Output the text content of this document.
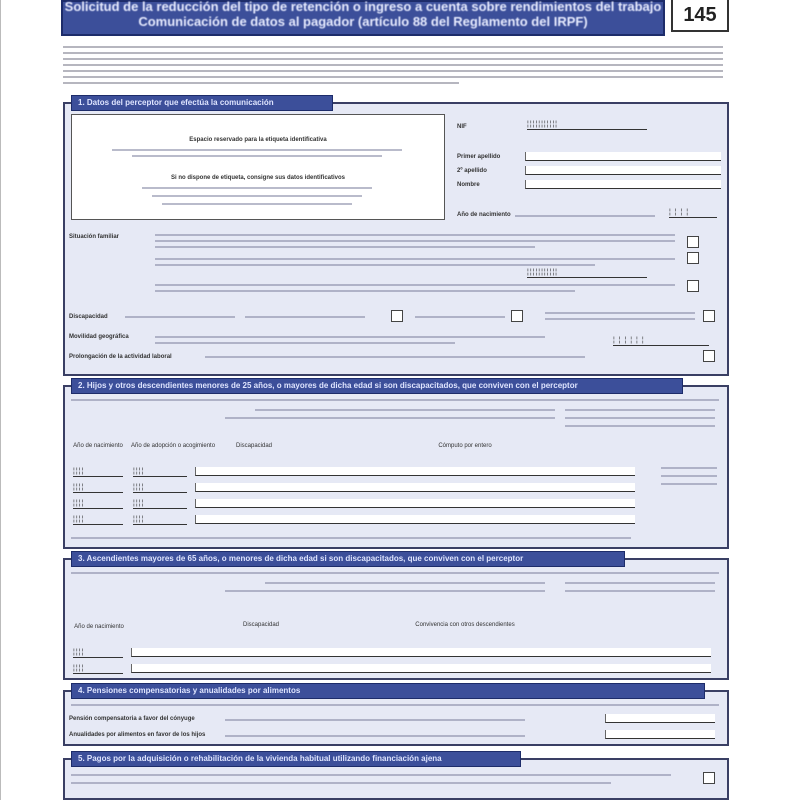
Solicitud de la reducción del tipo de retención o ingreso a cuenta sobre rendimientos del trabajo
Comunicación de datos al pagador (artículo 88 del Reglamento del IRPF)	145
1. Datos del perceptor que efectúa la comunicación
Espacio reservado para la etiqueta identificativa
Si no dispone de etiqueta, consigne sus datos identificativos
NIF	¦¦¦¦¦¦¦¦¦¦¦
Primer apellido
2º apellido
Nombre
Año de nacimiento	¦ ¦ ¦ ¦
Situación familiar
¦¦¦¦¦¦¦¦¦¦¦
Discapacidad
Movilidad geográfica	¦ ¦ ¦ ¦ ¦ ¦
Prolongación de la actividad laboral
2. Hijos y otros descendientes menores de 25 años, o mayores de dicha edad si son discapacitados, que conviven con el perceptor
Año de nacimiento	Año de adopción o acogimiento	Discapacidad	Cómputo por entero
¦¦¦¦	¦¦¦¦
¦¦¦¦	¦¦¦¦
¦¦¦¦	¦¦¦¦
¦¦¦¦	¦¦¦¦
3. Ascendientes mayores de 65 años, o menores de dicha edad si son discapacitados, que conviven con el perceptor
Año de nacimiento	Discapacidad	Convivencia con otros descendientes
¦¦¦¦
¦¦¦¦
4. Pensiones compensatorias y anualidades por alimentos
Pensión compensatoria a favor del cónyuge
Anualidades por alimentos en favor de los hijos
5. Pagos por la adquisición o rehabilitación de la vivienda habitual utilizando financiación ajena
